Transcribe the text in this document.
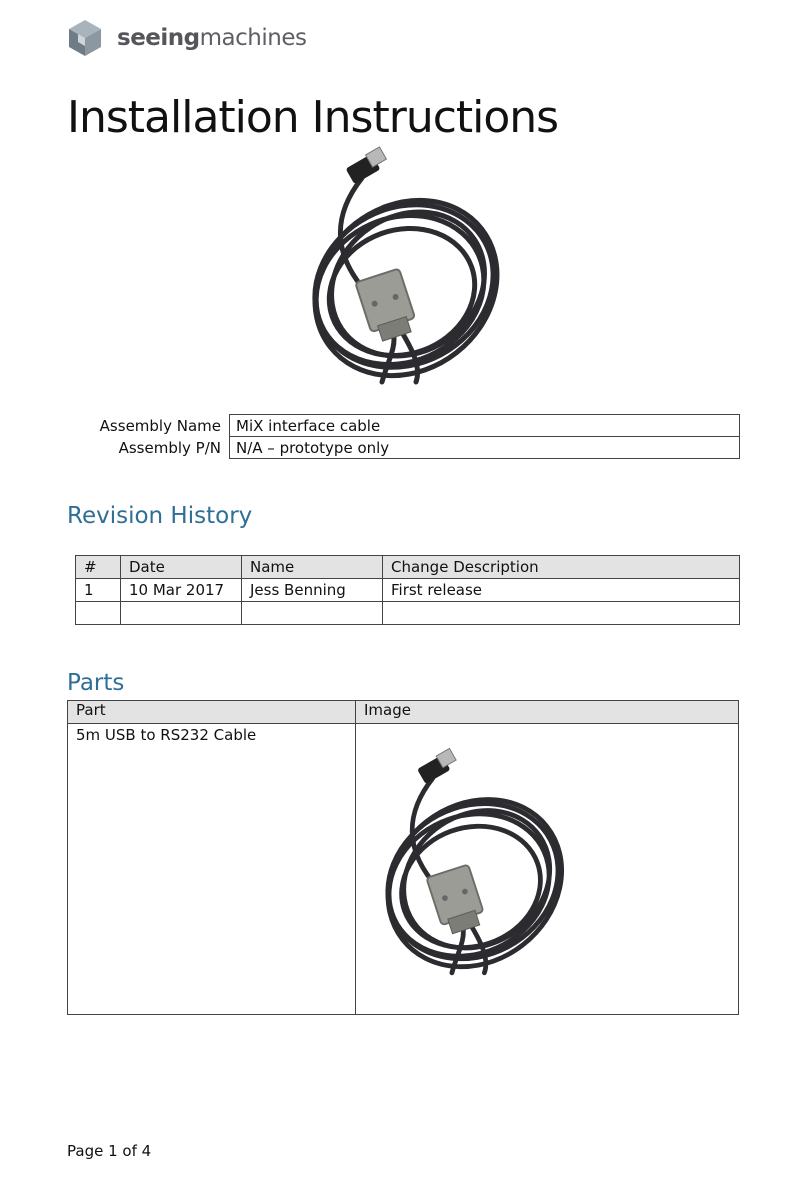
seeingmachines
Installation Instructions
Assembly Name	MiX interface cable
Assembly P/N	N/A – prototype only
Revision History
#	Date	Name	Change Description
1	10 Mar 2017	Jess Benning	First release

Parts
Part	Image
5m USB to RS232 Cable	
Page 1 of 4
